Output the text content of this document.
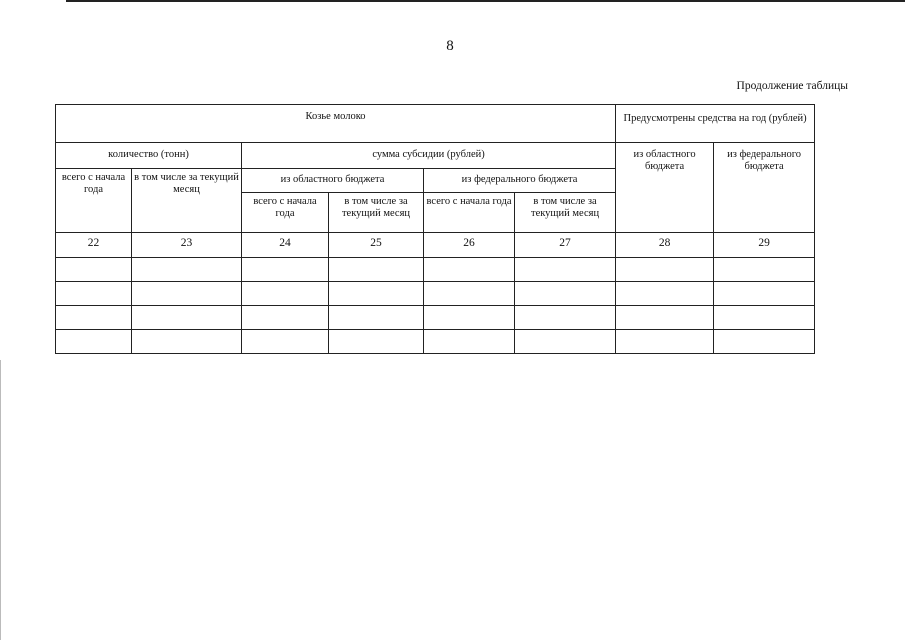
8
Продолжение таблицы
Козье молоко						Предусмотрены средства на год (рублей)	
количество (тонн)		сумма субсидии (рублей)				из областного бюджета	из федерального бюджета
всего с начала года	в том числе за текущий месяц	из областного бюджета		из федерального бюджета			
		всего с начала года	в том числе за текущий месяц	всего с начала года	в том числе за текущий месяц		
22	23	24	25	26	27	28	29
